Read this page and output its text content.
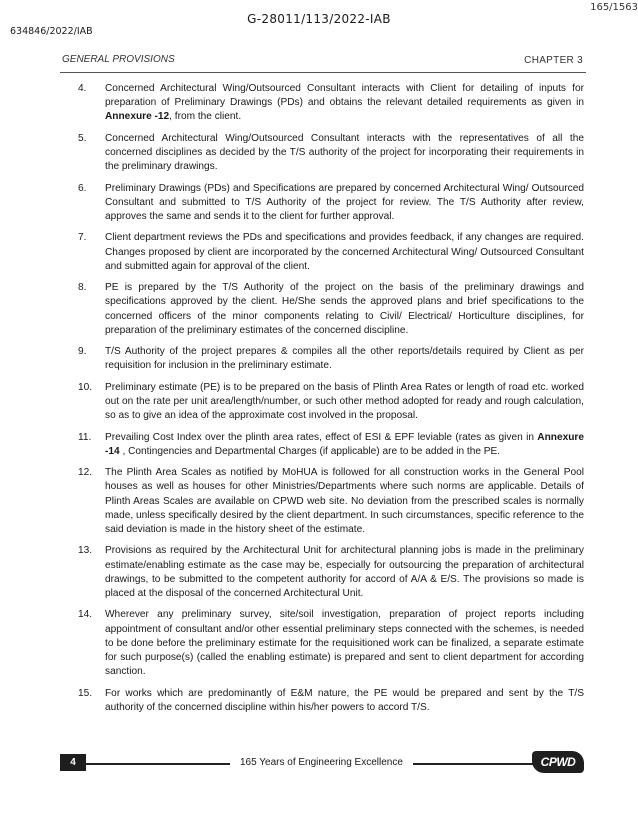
165/1563
G-28011/113/2022-IAB
634846/2022/IAB
GENERAL PROVISIONS	CHAPTER 3
4. Concerned Architectural Wing/Outsourced Consultant interacts with Client for detailing of inputs for preparation of Preliminary Drawings (PDs) and obtains the relevant detailed requirements as given in Annexure -12, from the client.
5. Concerned Architectural Wing/Outsourced Consultant interacts with the representatives of all the concerned disciplines as decided by the T/S authority of the project for incorporating their requirements in the preliminary drawings.
6. Preliminary Drawings (PDs) and Specifications are prepared by concerned Architectural Wing/ Outsourced Consultant and submitted to T/S Authority of the project for review. The T/S Authority after review, approves the same and sends it to the client for further approval.
7. Client department reviews the PDs and specifications and provides feedback, if any changes are required. Changes proposed by client are incorporated by the concerned Architectural Wing/ Outsourced Consultant and submitted again for approval of the client.
8. PE is prepared by the T/S Authority of the project on the basis of the preliminary drawings and specifications approved by the client. He/She sends the approved plans and brief specifications to the concerned officers of the minor components relating to Civil/ Electrical/ Horticulture disciplines, for preparation of the preliminary estimates of the concerned discipline.
9. T/S Authority of the project prepares & compiles all the other reports/details required by Client as per requisition for inclusion in the preliminary estimate.
10. Preliminary estimate (PE) is to be prepared on the basis of Plinth Area Rates or length of road etc. worked out on the rate per unit area/length/number, or such other method adopted for ready and rough calculation, so as to give an idea of the approximate cost involved in the proposal.
11. Prevailing Cost Index over the plinth area rates, effect of ESI & EPF leviable (rates as given in Annexure -14 , Contingencies and Departmental Charges (if applicable) are to be added in the PE.
12. The Plinth Area Scales as notified by MoHUA is followed for all construction works in the General Pool houses as well as houses for other Ministries/Departments where such norms are applicable. Details of Plinth Areas Scales are available on CPWD web site. No deviation from the prescribed scales is normally made, unless specifically desired by the client department. In such circumstances, specific reference to the said deviation is made in the history sheet of the estimate.
13. Provisions as required by the Architectural Unit for architectural planning jobs is made in the preliminary estimate/enabling estimate as the case may be, especially for outsourcing the preparation of architectural drawings, to be submitted to the competent authority for accord of A/A & E/S. The provisions so made is placed at the disposal of the concerned Architectural Unit.
14. Wherever any preliminary survey, site/soil investigation, preparation of project reports including appointment of consultant and/or other essential preliminary steps connected with the schemes, is needed to be done before the preliminary estimate for the requisitioned work can be finalized, a separate estimate for such purpose(s) (called the enabling estimate) is prepared and sent to client department for according sanction.
15. For works which are predominantly of E&M nature, the PE would be prepared and sent by the T/S authority of the concerned discipline within his/her powers to accord T/S.
4	165 Years of Engineering Excellence	CPWD
